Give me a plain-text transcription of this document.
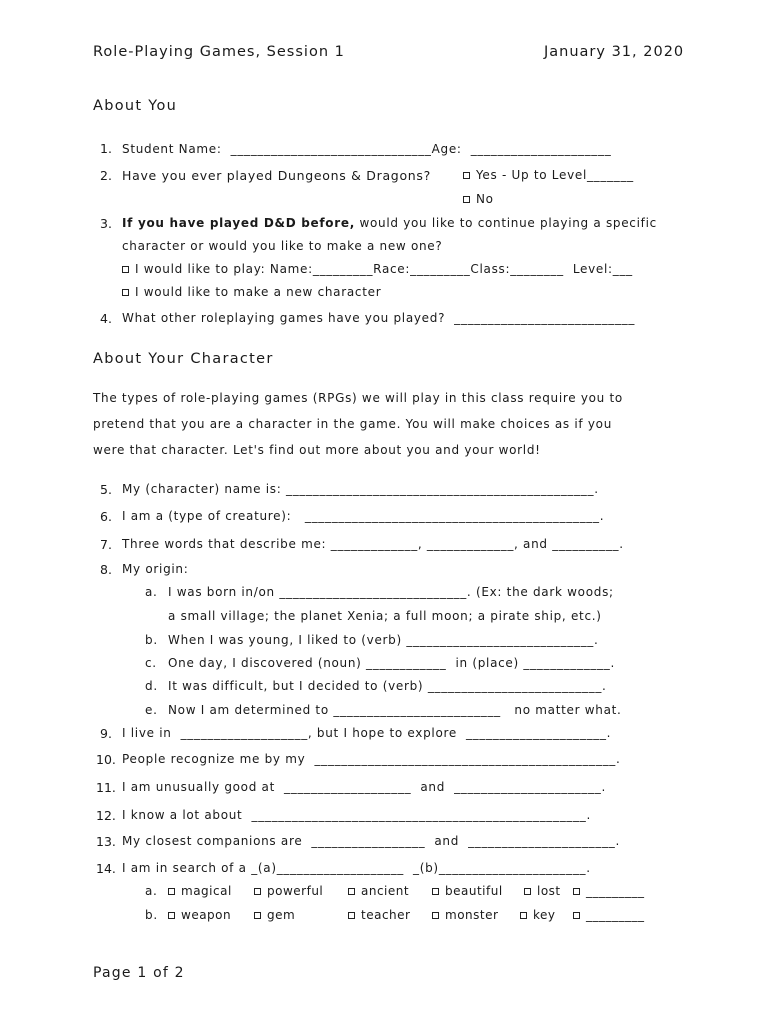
Role-Playing Games, Session 1	January 31, 2020
About You
1. Student Name:  ______________________________Age:  _____________________
2. Have you ever played Dungeons & Dragons?	Yes - Up to Level_______
No
3. If you have played D&D before, would you like to continue playing a specific
character or would you like to make a new one?
I would like to play: Name:_________Race:_________Class:________  Level:___
I would like to make a new character
4. What other roleplaying games have you played?  ___________________________
About Your Character
The types of role-playing games (RPGs) we will play in this class require you to
pretend that you are a character in the game. You will make choices as if you
were that character. Let's find out more about you and your world!
5. My (character) name is: ______________________________________________.
6. I am a (type of creature):   ____________________________________________.
7. Three words that describe me: _____________, _____________, and __________.
8. My origin:
a. I was born in/on ____________________________. (Ex: the dark woods;
a small village; the planet Xenia; a full moon; a pirate ship, etc.)
b. When I was young, I liked to (verb) ____________________________.
c. One day, I discovered (noun) ____________  in (place) _____________.
d. It was difficult, but I decided to (verb) __________________________.
e. Now I am determined to _________________________   no matter what.
9. I live in  ___________________, but I hope to explore  _____________________.
10. People recognize me by my  _____________________________________________.
11. I am unusually good at  ___________________  and  ______________________.
12. I know a lot about  __________________________________________________.
13. My closest companions are  _________________  and  ______________________.
14. I am in search of a _(a)___________________  _(b)______________________.
a.	magical	powerful	ancient	beautiful	lost	_________
b.	weapon	gem	teacher	monster	key	_________
Page 1 of 2
